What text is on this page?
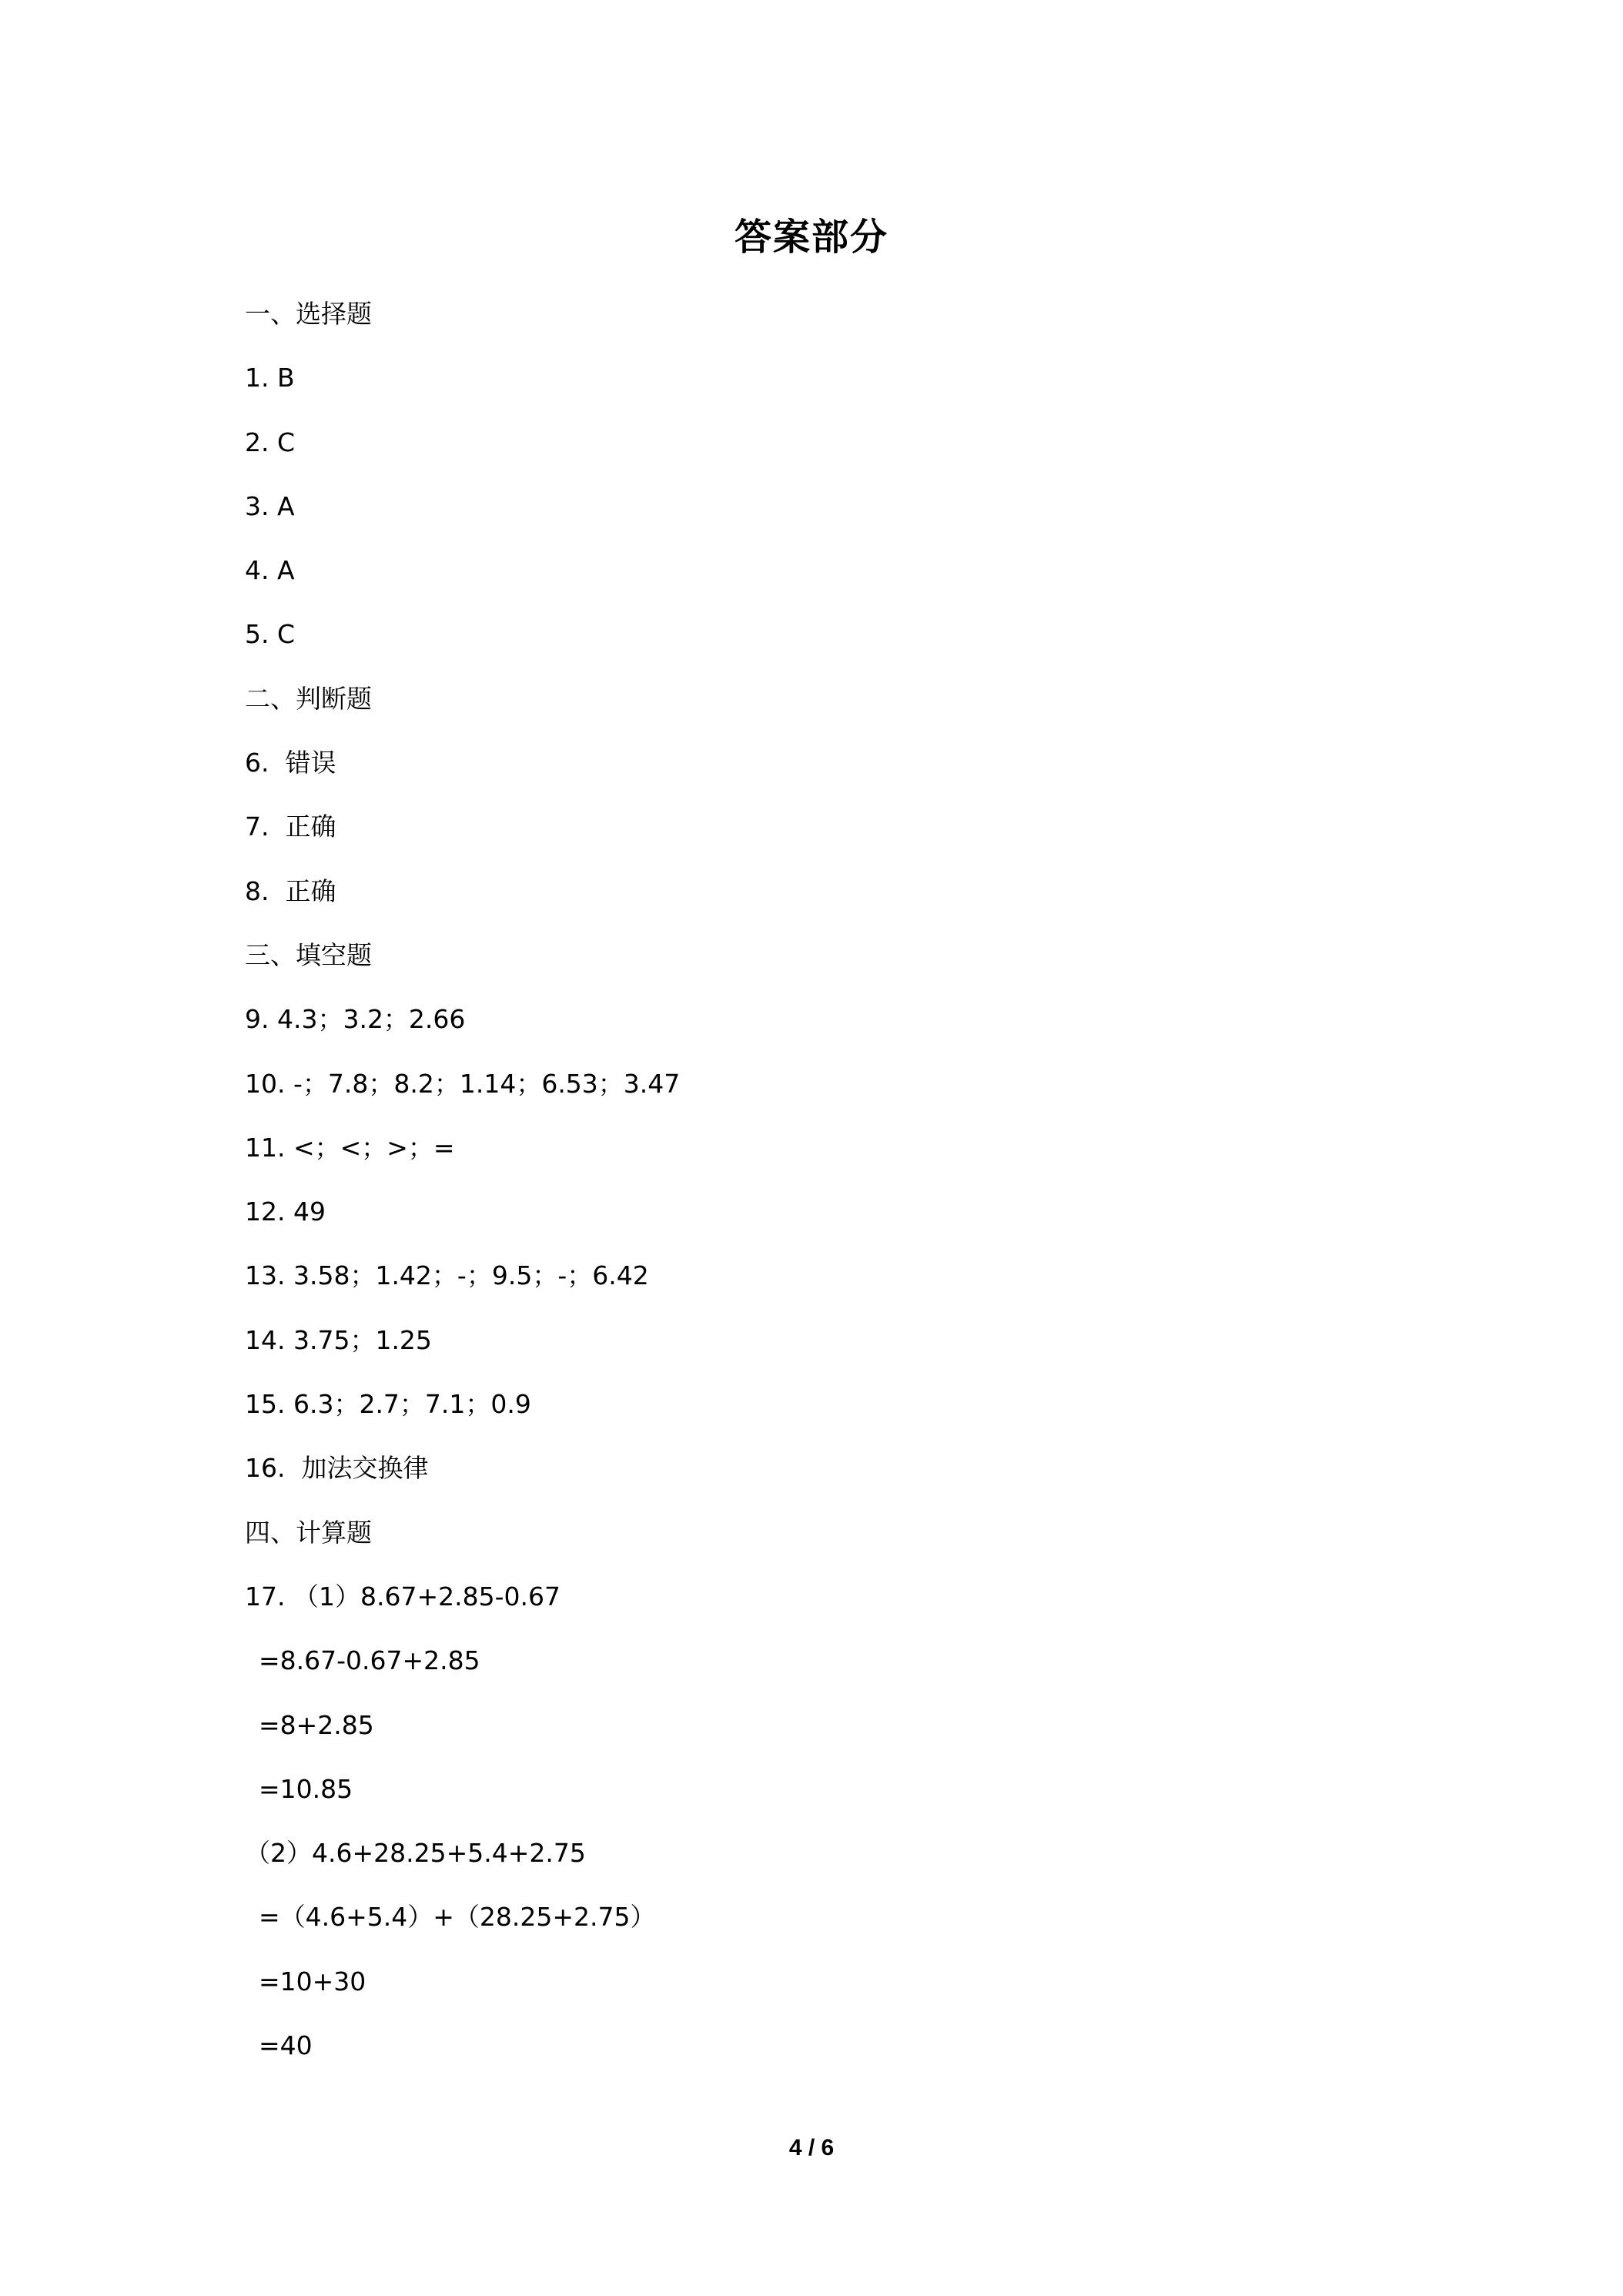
答案部分
一、选择题
1. B
2. C
3. A
4. A
5. C
二、判断题
6.  错误
7.  正确
8.  正确
三、填空题
9. 4.3；3.2；2.66
10. -；7.8；8.2；1.14；6.53；3.47
11. <；<；>；=
12. 49
13. 3.58；1.42；-；9.5；-；6.42
14. 3.75；1.25
15. 6.3；2.7；7.1；0.9
16.  加法交换律
四、计算题
17. （1）8.67+2.85-0.67
=8.67-0.67+2.85
=8+2.85
=10.85
（2）4.6+28.25+5.4+2.75
=（4.6+5.4）+（28.25+2.75）
=10+30
=40
4 / 6
